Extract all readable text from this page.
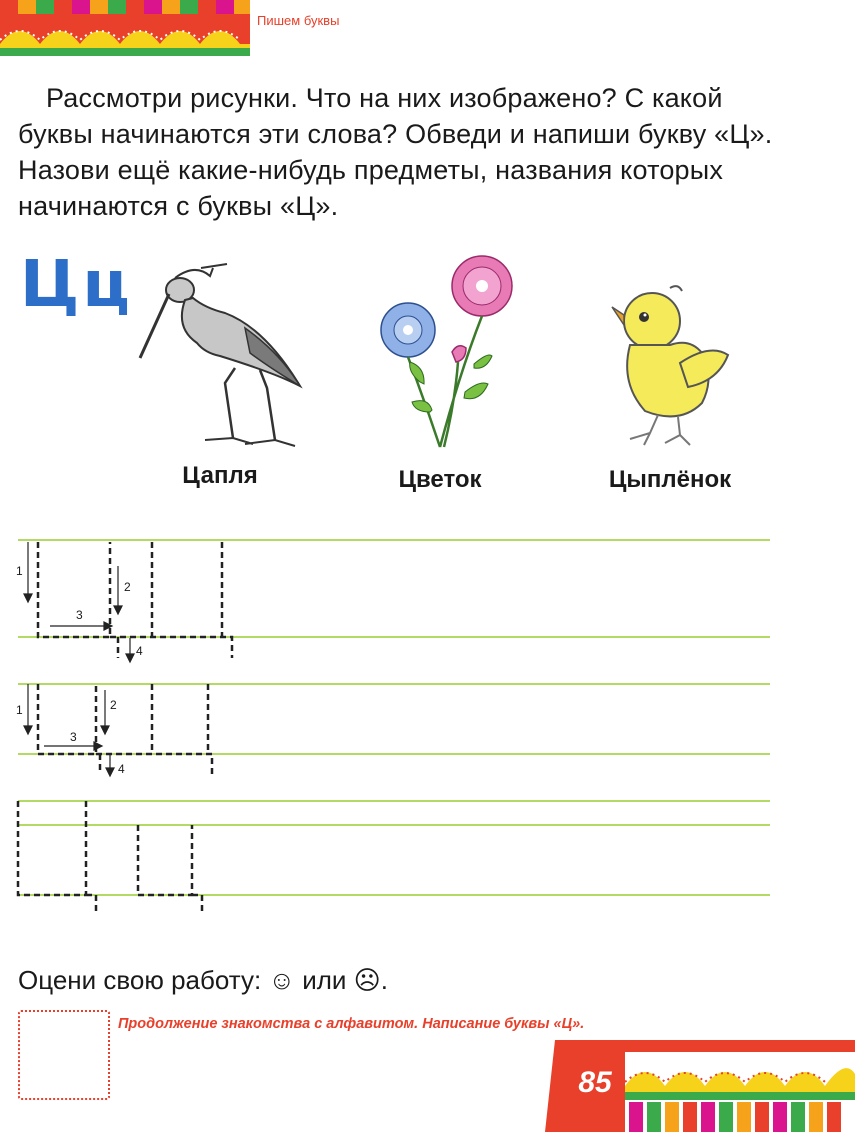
Пишем буквы
Рассмотри рисунки. Что на них изображено? С какой буквы начинаются эти слова? Обведи и напиши букву «Ц». Назови ещё какие-нибудь предметы, названия которых начинаются с буквы «Ц».
Цц
Цапля	Цветок	Цыплёнок
1
2
3
4
1	2
3
4
Оцени свою работу: ☺ или ☹.
Продолжение знакомства с алфавитом. Написание буквы «Ц».
85
